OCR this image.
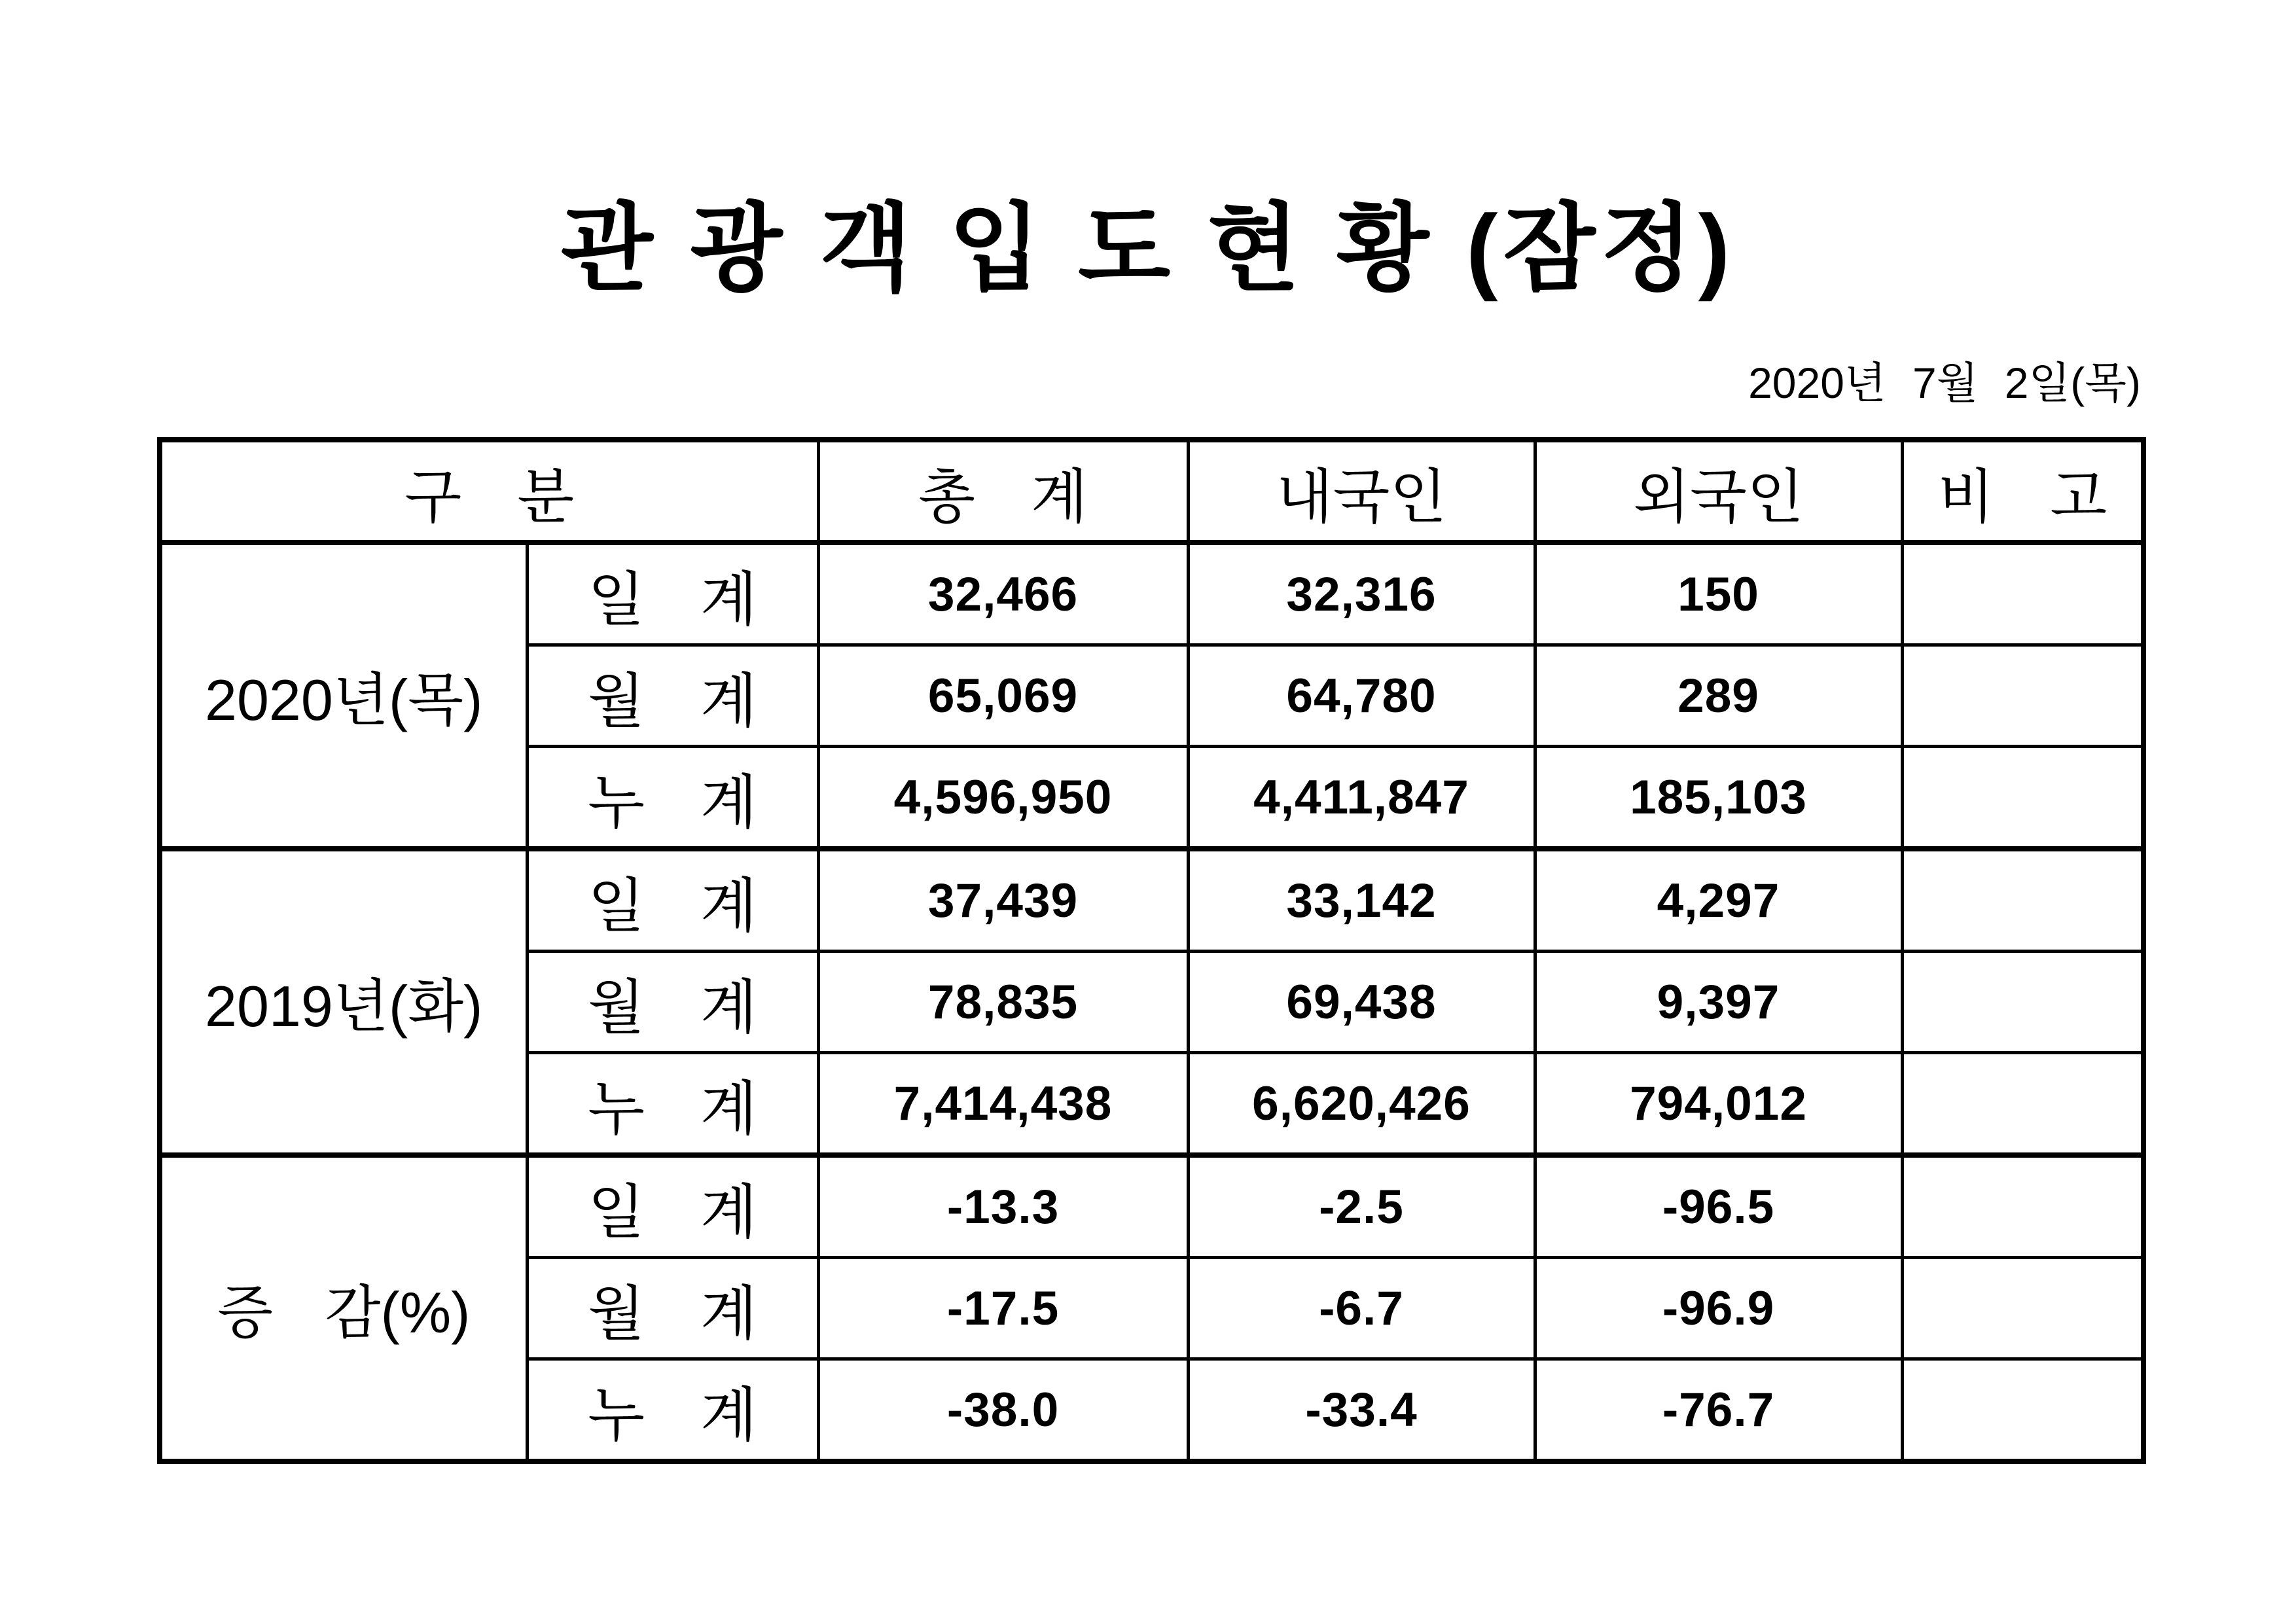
관 광 객 입 도 현 황 (잠정)
2020년 7월 2일(목)
구 분		총 계	내국인	외국인	비 고
2020년(목)	일 계	32,466	32,316	150	
	월 계	65,069	64,780	289	
	누 계	4,596,950	4,411,847	185,103	
2019년(화)	일 계	37,439	33,142	4,297	
	월 계	78,835	69,438	9,397	
	누 계	7,414,438	6,620,426	794,012	
증 감(%)	일 계	-13.3	-2.5	-96.5	
	월 계	-17.5	-6.7	-96.9	
	누 계	-38.0	-33.4	-76.7	
